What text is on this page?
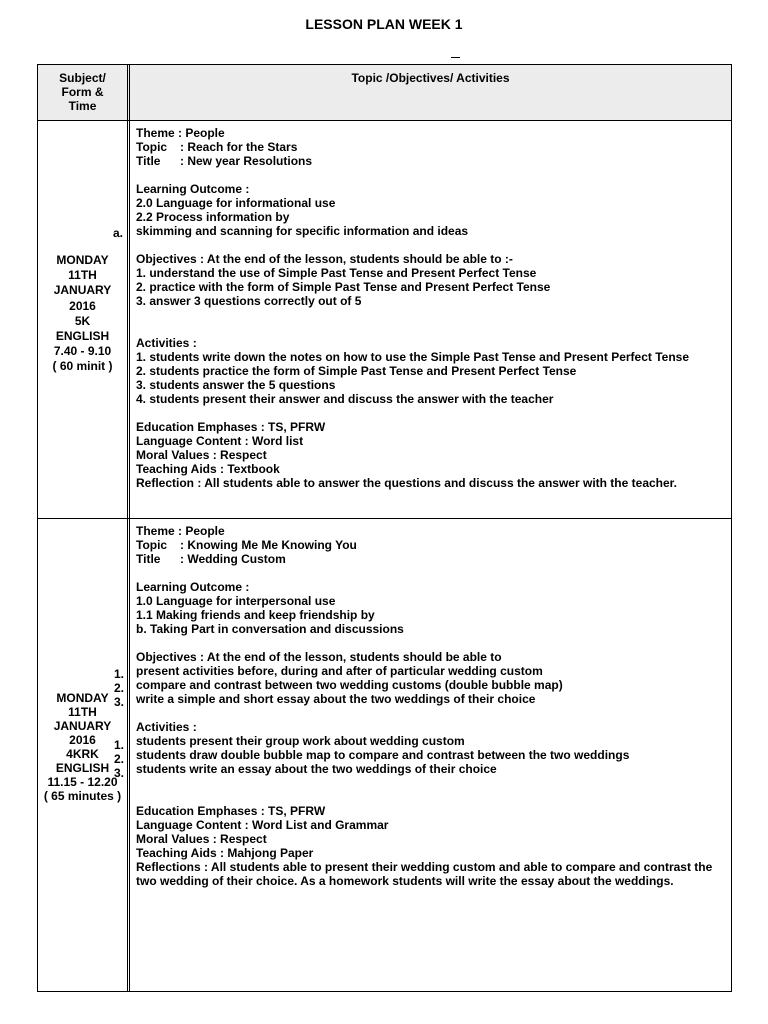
LESSON PLAN WEEK 1
Subject/
Form &
Time
Topic /Objectives/ Activities
MONDAY
11TH
JANUARY
2016
5K
ENGLISH
7.40 - 9.10
( 60 minit )
a.
Theme : People
Topic : Reach for the Stars
Title : New year Resolutions
Learning Outcome :
2.0 Language for informational use
2.2 Process information by
skimming and scanning for specific information and ideas
Objectives : At the end of the lesson, students should be able to :-
1. understand the use of Simple Past Tense and Present Perfect Tense
2. practice with the form of Simple Past Tense and Present Perfect Tense
3. answer 3 questions correctly out of 5
Activities :
1. students write down the notes on how to use the Simple Past Tense and Present Perfect Tense
2. students practice the form of Simple Past Tense and Present Perfect Tense
3. students answer the 5 questions
4. students present their answer and discuss the answer with the teacher
Education Emphases : TS, PFRW
Language Content : Word list
Moral Values : Respect
Teaching Aids : Textbook
Reflection : All students able to answer the questions and discuss the answer with the teacher.
MONDAY
11TH
JANUARY
2016
4KRK
ENGLISH
11.15 - 12.20
( 65 minutes )
1.
2.
3.
1.
2.
3.
Theme : People
Topic : Knowing Me Me Knowing You
Title : Wedding Custom
Learning Outcome :
1.0 Language for interpersonal use
1.1 Making friends and keep friendship by
b. Taking Part in conversation and discussions
Objectives : At the end of the lesson, students should be able to
present activities before, during and after of particular wedding custom
compare and contrast between two wedding customs (double bubble map)
write a simple and short essay about the two weddings of their choice
Activities :
students present their group work about wedding custom
students draw double bubble map to compare and contrast between the two weddings
students write an essay about the two weddings of their choice
Education Emphases : TS, PFRW
Language Content : Word List and Grammar
Moral Values : Respect
Teaching Aids : Mahjong Paper
Reflections : All students able to present their wedding custom and able to compare and contrast the two wedding of their choice. As a homework students will write the essay about the weddings.
